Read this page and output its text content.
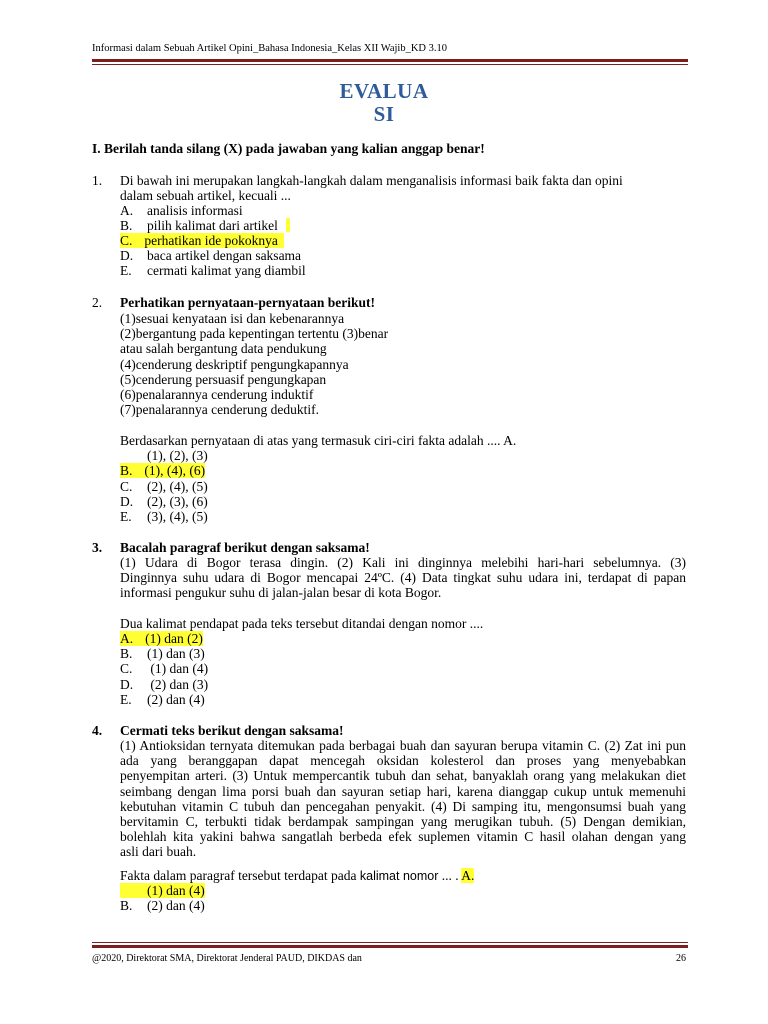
Informasi dalam Sebuah Artikel Opini_Bahasa Indonesia_Kelas XII Wajib_KD 3.10
EVALUA
SI
I. Berilah tanda silang (X) pada jawaban yang kalian anggap benar!
1. Di bawah ini merupakan langkah-langkah dalam menganalisis informasi baik fakta dan opini
dalam sebuah artikel, kecuali ...
A. analisis informasi
B. pilih kalimat dari artikel
C. perhatikan ide pokoknya
D. baca artikel dengan saksama
E. cermati kalimat yang diambil
2. Perhatikan pernyataan-pernyataan berikut!
(1)sesuai kenyataan isi dan kebenarannya
(2)bergantung pada kepentingan tertentu (3)benar
atau salah bergantung data pendukung
(4)cenderung deskriptif pengungkapannya
(5)cenderung persuasif pengungkapan
(6)penalarannya cenderung induktif
(7)penalarannya cenderung deduktif.
Berdasarkan pernyataan di atas yang termasuk ciri-ciri fakta adalah .... A.
(1), (2), (3)
B. (1), (4), (6)
C. (2), (4), (5)
D. (2), (3), (6)
E. (3), (4), (5)
3. Bacalah paragraf berikut dengan saksama!
(1) Udara di Bogor terasa dingin. (2) Kali ini dinginnya melebihi hari-hari sebelumnya. (3)
Dinginnya suhu udara di Bogor mencapai 24ºC. (4) Data tingkat suhu udara ini, terdapat di papan
informasi pengukur suhu di jalan-jalan besar di kota Bogor.
Dua kalimat pendapat pada teks tersebut ditandai dengan nomor ....
A. (1) dan (2)
B. (1) dan (3)
C. (1) dan (4)
D. (2) dan (3)
E. (2) dan (4)
4. Cermati teks berikut dengan saksama!
(1) Antioksidan ternyata ditemukan pada berbagai buah dan sayuran berupa vitamin C. (2) Zat ini pun
ada yang beranggapan dapat mencegah oksidan kolesterol dan proses yang menyebabkan
penyempitan arteri. (3) Untuk mempercantik tubuh dan sehat, banyaklah orang yang melakukan diet
seimbang dengan lima porsi buah dan sayuran setiap hari, karena dianggap cukup untuk memenuhi
kebutuhan vitamin C tubuh dan pencegahan penyakit. (4) Di samping itu, mengonsumsi buah yang
bervitamin C, terbukti tidak berdampak sampingan yang merugikan tubuh. (5) Dengan demikian,
bolehlah kita yakini bahwa sangatlah berbeda efek suplemen vitamin C hasil olahan dengan yang
asli dari buah.
Fakta dalam paragraf tersebut terdapat pada kalimat nomor ... . A.
(1) dan (4)
B. (2) dan (4)
@2020, Direktorat SMA, Direktorat Jenderal PAUD, DIKDAS dan	26
